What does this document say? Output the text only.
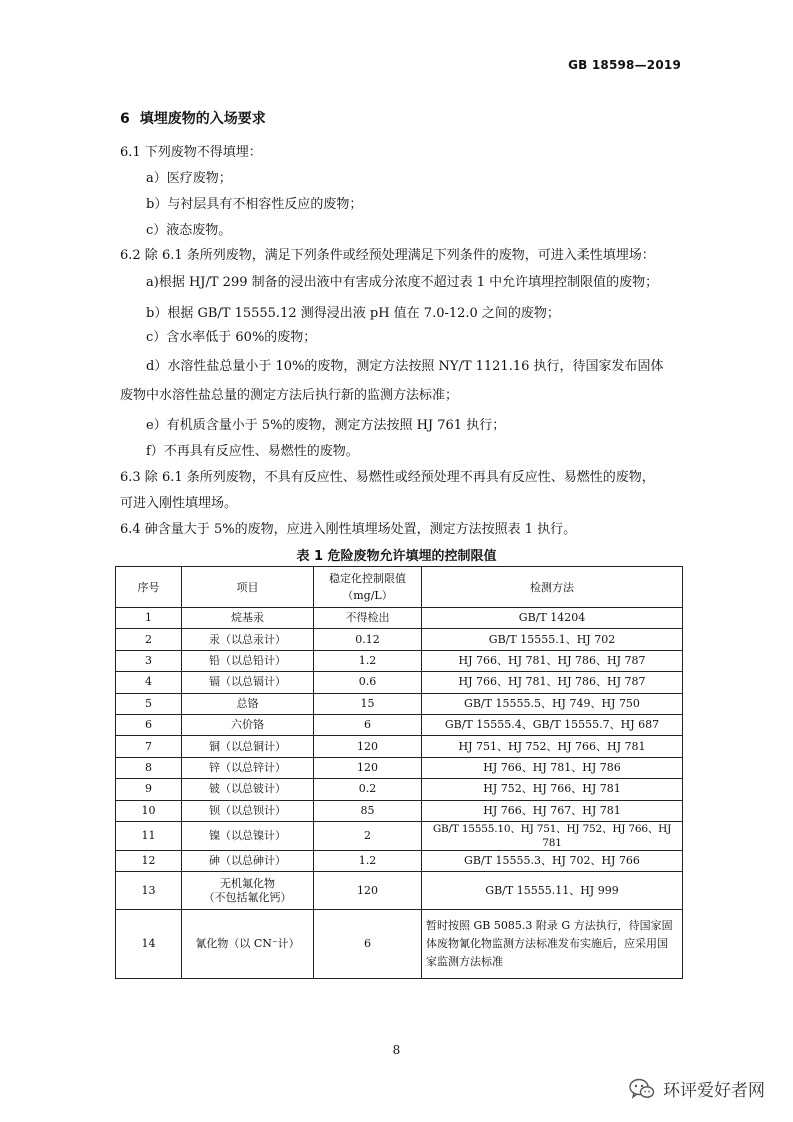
GB 18598—2019
6 填埋废物的入场要求
6.1 下列废物不得填埋：
a）医疗废物；
b）与衬层具有不相容性反应的废物；
c）液态废物。
6.2 除 6.1 条所列废物，满足下列条件或经预处理满足下列条件的废物，可进入柔性填埋场：
a)根据 HJ/T 299 制备的浸出液中有害成分浓度不超过表 1 中允许填埋控制限值的废物；
b）根据 GB/T 15555.12 测得浸出液 pH 值在 7.0-12.0 之间的废物；
c）含水率低于 60%的废物；
d）水溶性盐总量小于 10%的废物，测定方法按照 NY/T 1121.16 执行，待国家发布固体
废物中水溶性盐总量的测定方法后执行新的监测方法标准；
e）有机质含量小于 5%的废物，测定方法按照 HJ 761 执行；
f）不再具有反应性、易燃性的废物。
6.3 除 6.1 条所列废物，不具有反应性、易燃性或经预处理不再具有反应性、易燃性的废物，
可进入刚性填埋场。
6.4 砷含量大于 5%的废物，应进入刚性填埋场处置，测定方法按照表 1 执行。
表 1 危险废物允许填埋的控制限值
序号	项目	稳定化控制限值
（mg/L）	检测方法
1	烷基汞	不得检出	GB/T 14204
2	汞（以总汞计）	0.12	GB/T 15555.1、HJ 702
3	铅（以总铅计）	1.2	HJ 766、HJ 781、HJ 786、HJ 787
4	镉（以总镉计）	0.6	HJ 766、HJ 781、HJ 786、HJ 787
5	总铬	15	GB/T 15555.5、HJ 749、HJ 750
6	六价铬	6	GB/T 15555.4、GB/T 15555.7、HJ 687
7	铜（以总铜计）	120	HJ 751、HJ 752、HJ 766、HJ 781
8	锌（以总锌计）	120	HJ 766、HJ 781、HJ 786
9	铍（以总铍计）	0.2	HJ 752、HJ 766、HJ 781
10	钡（以总钡计）	85	HJ 766、HJ 767、HJ 781
11	镍（以总镍计）	2	GB/T 15555.10、HJ 751、HJ 752、HJ 766、HJ 781
12	砷（以总砷计）	1.2	GB/T 15555.3、HJ 702、HJ 766
13	无机氟化物
（不包括氟化钙）	120	GB/T 15555.11、HJ 999
14	氰化物（以 CN⁻计）	6	暂时按照 GB 5085.3 附录 G 方法执行，待国家固体废物氰化物监测方法标准发布实施后，应采用国家监测方法标准
8
环评爱好者网
